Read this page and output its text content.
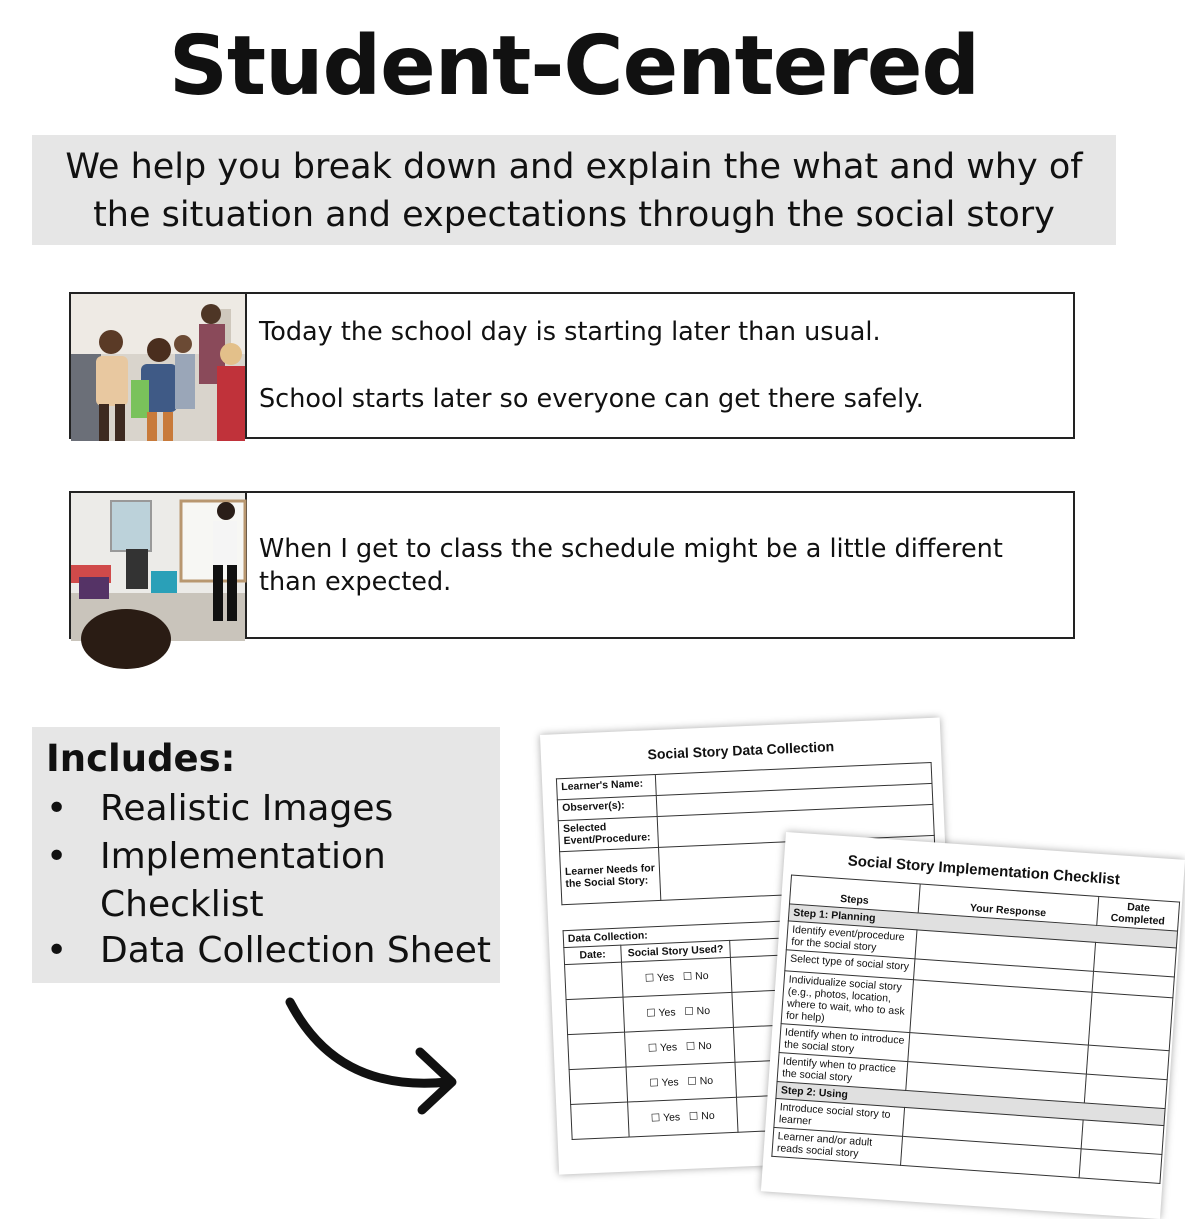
Student-Centered
We help you break down and explain the what and why of the situation and expectations through the social story
Today the school day is starting later than usual.
School starts later so everyone can get there safely.
When I get to class the schedule might be a little different than expected.
Includes:
• Realistic Images
• Implementation Checklist
• Data Collection Sheet
Social Story Data Collection
Learner's Name:	
Observer(s):	
Selected Event/Procedure:	
Learner Needs for the Social Story:	
Data Collection:		
Date:	Social Story Used?	
	☐ Yes   ☐ No	
	☐ Yes   ☐ No	
	☐ Yes   ☐ No	
	☐ Yes   ☐ No	
	☐ Yes   ☐ No	
Social Story Implementation Checklist
Steps	Your Response	Date Completed
Step 1: Planning		
Identify event/procedure for the social story		
Select type of social story		
Individualize social story (e.g., photos, location, where to wait, who to ask for help)		
Identify when to introduce the social story		
Identify when to practice the social story		
Step 2: Using		
Introduce social story to learner		
Learner and/or adult reads social story		
